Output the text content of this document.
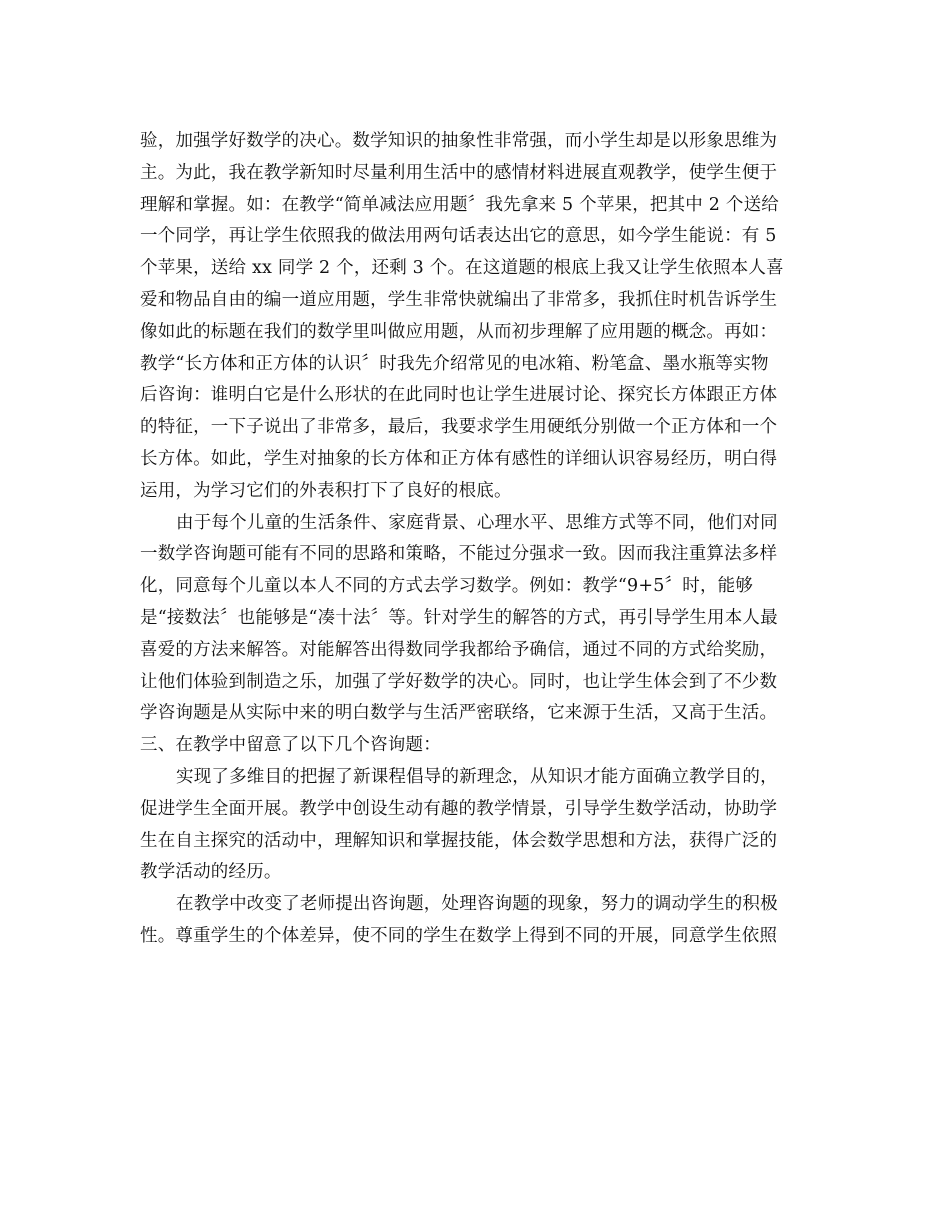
验，加强学好数学的决心。数学知识的抽象性非常强，而小学生却是以形象思维为
主。为此，我在教学新知时尽量利用生活中的感情材料进展直观教学，使学生便于
理解和掌握。如：在教学“简单减法应用题〞我先拿来 5 个苹果，把其中 2 个送给
一个同学，再让学生依照我的做法用两句话表达出它的意思，如今学生能说：有 5
个苹果，送给 xx 同学 2 个，还剩 3 个。在这道题的根底上我又让学生依照本人喜
爱和物品自由的编一道应用题，学生非常快就编出了非常多，我抓住时机告诉学生
像如此的标题在我们的数学里叫做应用题，从而初步理解了应用题的概念。再如：
教学“长方体和正方体的认识〞时我先介绍常见的电冰箱、粉笔盒、墨水瓶等实物
后咨询：谁明白它是什么形状的在此同时也让学生进展讨论、探究长方体跟正方体
的特征，一下子说出了非常多，最后，我要求学生用硬纸分别做一个正方体和一个
长方体。如此，学生对抽象的长方体和正方体有感性的详细认识容易经历，明白得
运用，为学习它们的外表积打下了良好的根底。
由于每个儿童的生活条件、家庭背景、心理水平、思维方式等不同，他们对同
一数学咨询题可能有不同的思路和策略，不能过分强求一致。因而我注重算法多样
化，同意每个儿童以本人不同的方式去学习数学。例如：教学“9+5〞时，能够
是“接数法〞也能够是“凑十法〞等。针对学生的解答的方式，再引导学生用本人最
喜爱的方法来解答。对能解答出得数同学我都给予确信，通过不同的方式给奖励，
让他们体验到制造之乐，加强了学好数学的决心。同时，也让学生体会到了不少数
学咨询题是从实际中来的明白数学与生活严密联络，它来源于生活，又高于生活。
三、在教学中留意了以下几个咨询题：
实现了多维目的把握了新课程倡导的新理念，从知识才能方面确立教学目的，
促进学生全面开展。教学中创设生动有趣的教学情景，引导学生数学活动，协助学
生在自主探究的活动中，理解知识和掌握技能，体会数学思想和方法，获得广泛的
教学活动的经历。
在教学中改变了老师提出咨询题，处理咨询题的现象，努力的调动学生的积极
性。尊重学生的个体差异，使不同的学生在数学上得到不同的开展，同意学生依照
